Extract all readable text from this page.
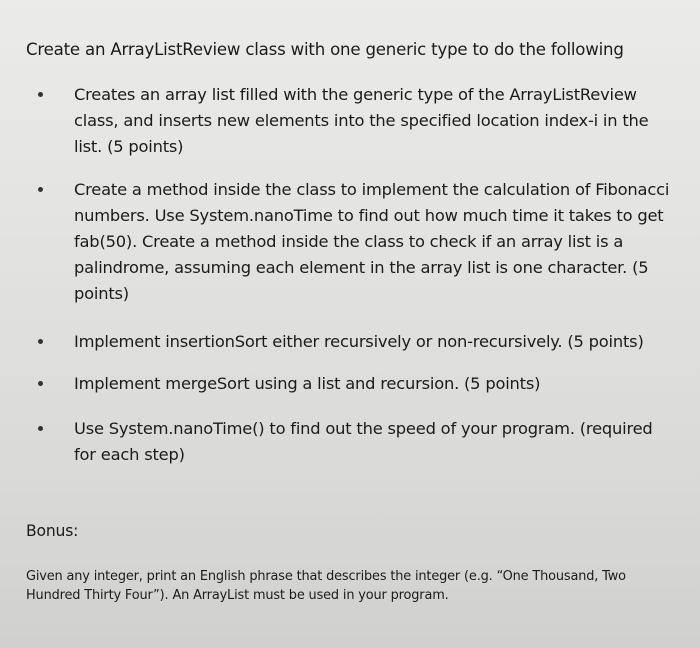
Create an ArrayListReview class with one generic type to do the following
Creates an array list filled with the generic type of the ArrayListReview class, and inserts new elements into the specified location index-i in the list. (5 points)
Create a method inside the class to implement the calculation of Fibonacci numbers. Use System.nanoTime to find out how much time it takes to get fab(50). Create a method inside the class to check if an array list is a palindrome, assuming each element in the array list is one character. (5 points)
Implement insertionSort either recursively or non-recursively. (5 points)
Implement mergeSort using a list and recursion. (5 points)
Use System.nanoTime() to find out the speed of your program. (required for each step)
Bonus:
Given any integer, print an English phrase that describes the integer (e.g. “One Thousand, Two Hundred Thirty Four”). An ArrayList must be used in your program.
